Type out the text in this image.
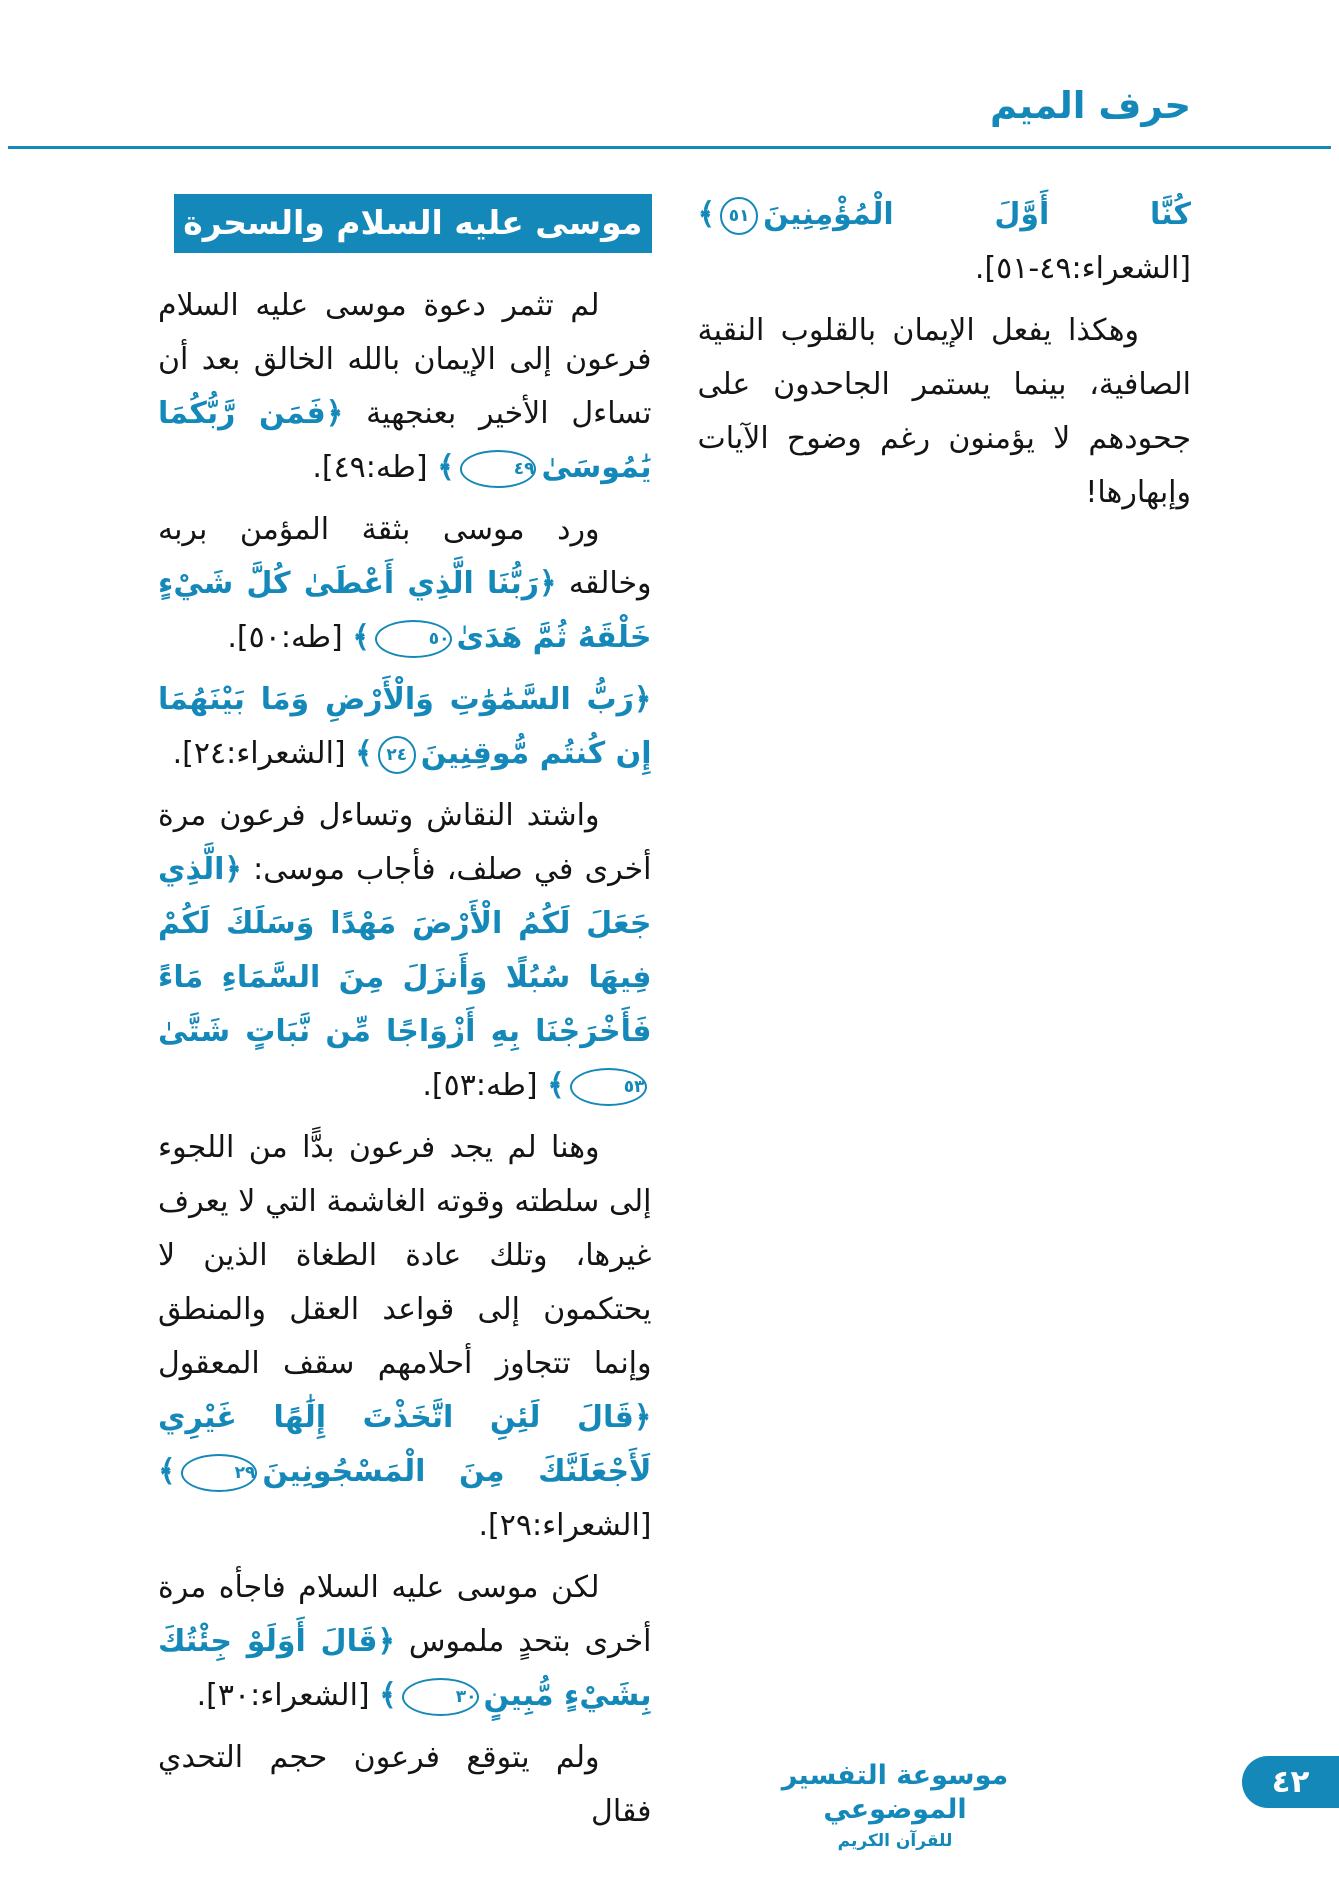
حرف الميم

كُنَّا أَوَّلَ الْمُؤْمِنِينَ٥١﴾ [الشعراء:٤٩-٥١].

وهكذا يفعل الإيمان بالقلوب النقية الصافية، بينما يستمر الجاحدون على جحودهم لا يؤمنون رغم وضوح الآيات وإبهارها!

موسى عليه السلام والسحرة

لم تثمر دعوة موسى عليه السلام فرعون إلى الإيمان بالله الخالق بعد أن تساءل الأخير بعنجهية ﴿فَمَن رَّبُّكُمَا يَٰمُوسَىٰ٤٩﴾ [طه:٤٩].

ورد موسى بثقة المؤمن بربه وخالقه ﴿رَبُّنَا الَّذِي أَعْطَىٰ كُلَّ شَيْءٍ خَلْقَهُ ثُمَّ هَدَىٰ٥٠﴾ [طه:٥٠].

﴿رَبُّ السَّمَٰوَٰتِ وَالْأَرْضِ وَمَا بَيْنَهُمَا إِن كُنتُم مُّوقِنِينَ٢٤﴾ [الشعراء:٢٤].

واشتد النقاش وتساءل فرعون مرة أخرى في صلف، فأجاب موسى: ﴿الَّذِي جَعَلَ لَكُمُ الْأَرْضَ مَهْدًا وَسَلَكَ لَكُمْ فِيهَا سُبُلًا وَأَنزَلَ مِنَ السَّمَاءِ مَاءً فَأَخْرَجْنَا بِهِ أَزْوَاجًا مِّن نَّبَاتٍ شَتَّىٰ٥٣﴾ [طه:٥٣].

وهنا لم يجد فرعون بدًّا من اللجوء إلى سلطته وقوته الغاشمة التي لا يعرف غيرها، وتلك عادة الطغاة الذين لا يحتكمون إلى قواعد العقل والمنطق وإنما تتجاوز أحلامهم سقف المعقول ﴿قَالَ لَئِنِ اتَّخَذْتَ إِلَٰهًا غَيْرِي لَأَجْعَلَنَّكَ مِنَ الْمَسْجُونِينَ٢٩﴾ [الشعراء:٢٩].

لكن موسى عليه السلام فاجأه مرة أخرى بتحدٍ ملموس ﴿قَالَ أَوَلَوْ جِئْتُكَ بِشَيْءٍ مُّبِينٍ٣٠﴾ [الشعراء:٣٠].

ولم يتوقع فرعون حجم التحدي فقال

موسوعة التفسير الموضوعي
للقرآن الكريم
٤٢
